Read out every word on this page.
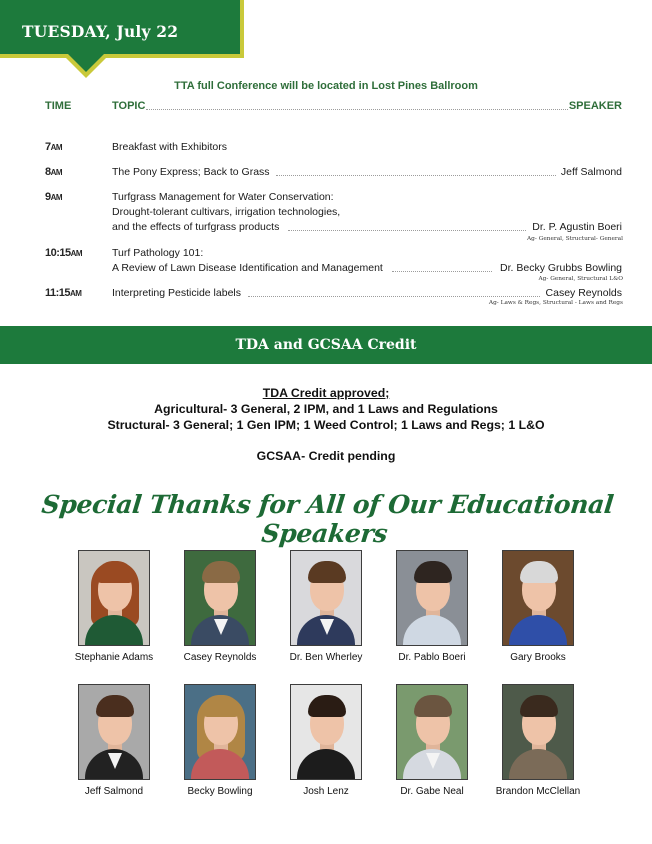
TUESDAY, July 22
TTA full Conference will be located in Lost Pines Ballroom
TIME	TOPIC	SPEAKER
7AM	Breakfast with Exhibitors
8AM	The Pony Express; Back to Grass	Jeff Salmond
9AM	Turfgrass Management for Water Conservation:
Drought-tolerant cultivars, irrigation technologies,
and the effects of turfgrass products	Dr. P. Agustin Boeri
Ag- General, Structural- General
10:15AM	Turf Pathology 101:
A Review of Lawn Disease Identification and Management	Dr. Becky Grubbs Bowling
Ag- General, Structural L&O
11:15AM	Interpreting Pesticide labels	Casey Reynolds
Ag- Laws & Regs, Structural - Laws and Regs
TDA and GCSAA Credit
TDA Credit approved;
Agricultural- 3 General, 2 IPM, and 1 Laws and Regulations
Structural- 3 General; 1 Gen IPM; 1 Weed Control; 1 Laws and Regs; 1 L&O
GCSAA- Credit pending
Special Thanks for All of Our Educational Speakers
Stephanie Adams	Casey Reynolds	Dr. Ben Wherley	Dr. Pablo Boeri	Gary Brooks
Jeff Salmond	Becky Bowling	Josh Lenz	Dr. Gabe Neal	Brandon McClellan
